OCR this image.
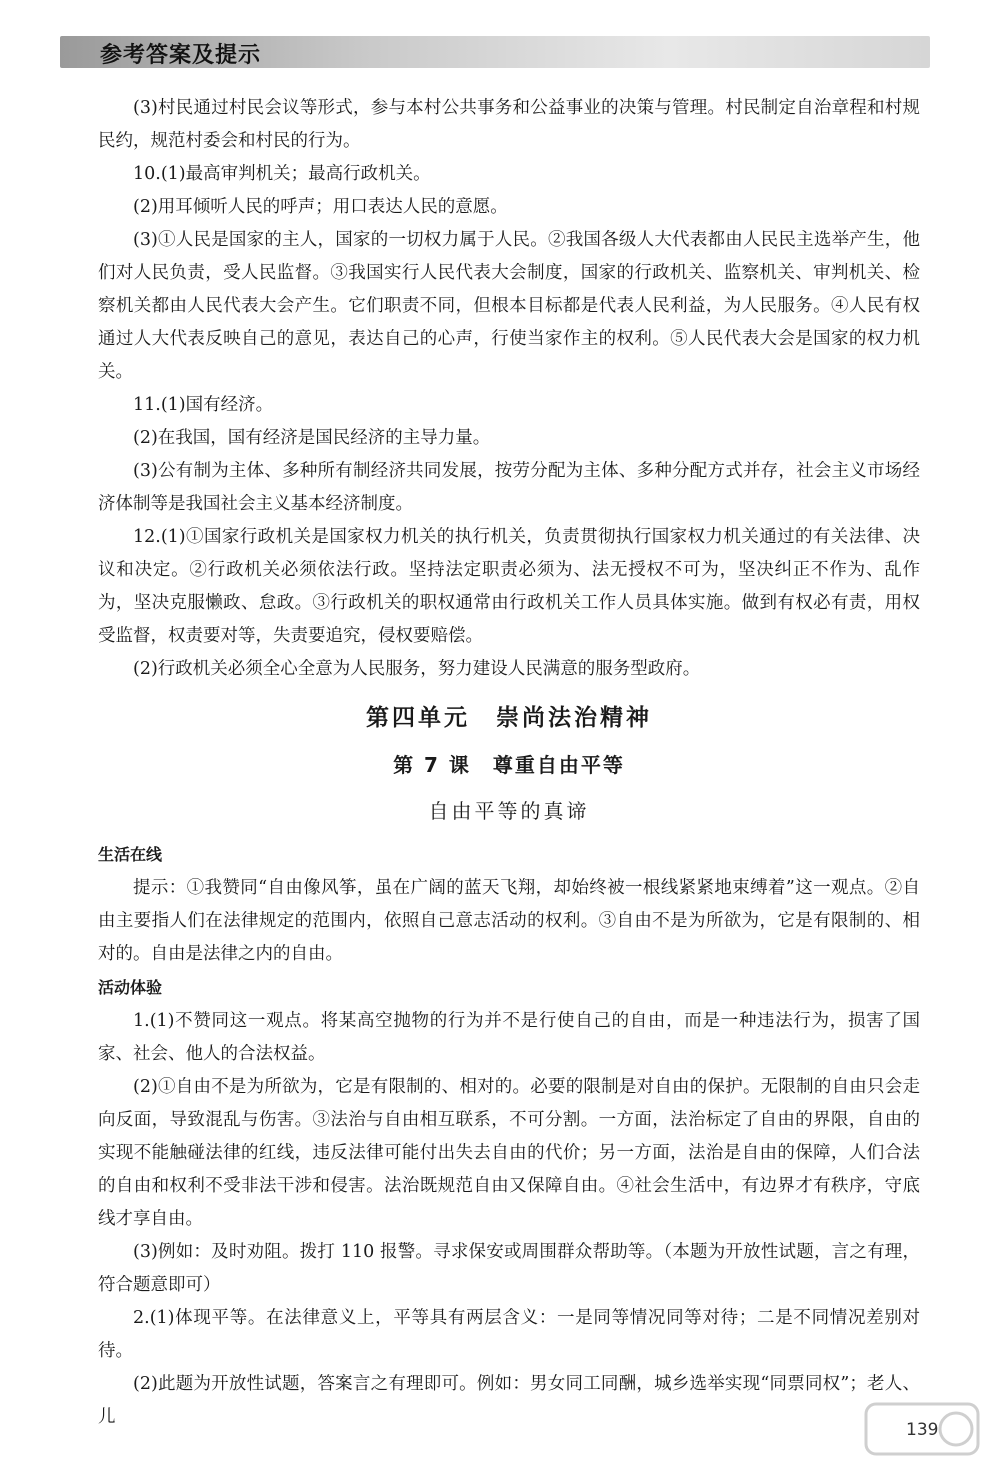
参考答案及提示

(3)村民通过村民会议等形式，参与本村公共事务和公益事业的决策与管理。村民制定自治章程和村规民约，规范村委会和村民的行为。

10.(1)最高审判机关；最高行政机关。

(2)用耳倾听人民的呼声；用口表达人民的意愿。

(3)①人民是国家的主人，国家的一切权力属于人民。②我国各级人大代表都由人民民主选举产生，他们对人民负责，受人民监督。③我国实行人民代表大会制度，国家的行政机关、监察机关、审判机关、检察机关都由人民代表大会产生。它们职责不同，但根本目标都是代表人民利益，为人民服务。④人民有权通过人大代表反映自己的意见，表达自己的心声，行使当家作主的权利。⑤人民代表大会是国家的权力机关。

11.(1)国有经济。

(2)在我国，国有经济是国民经济的主导力量。

(3)公有制为主体、多种所有制经济共同发展，按劳分配为主体、多种分配方式并存，社会主义市场经济体制等是我国社会主义基本经济制度。

12.(1)①国家行政机关是国家权力机关的执行机关，负责贯彻执行国家权力机关通过的有关法律、决议和决定。②行政机关必须依法行政。坚持法定职责必须为、法无授权不可为，坚决纠正不作为、乱作为，坚决克服懒政、怠政。③行政机关的职权通常由行政机关工作人员具体实施。做到有权必有责，用权受监督，权责要对等，失责要追究，侵权要赔偿。

(2)行政机关必须全心全意为人民服务，努力建设人民满意的服务型政府。

第四单元　崇尚法治精神
第 7 课　尊重自由平等
自由平等的真谛
生活在线

提示：①我赞同“自由像风筝，虽在广阔的蓝天飞翔，却始终被一根线紧紧地束缚着”这一观点。②自由主要指人们在法律规定的范围内，依照自己意志活动的权利。③自由不是为所欲为，它是有限制的、相对的。自由是法律之内的自由。

活动体验

1.(1)不赞同这一观点。将某高空抛物的行为并不是行使自己的自由，而是一种违法行为，损害了国家、社会、他人的合法权益。

(2)①自由不是为所欲为，它是有限制的、相对的。必要的限制是对自由的保护。无限制的自由只会走向反面，导致混乱与伤害。③法治与自由相互联系，不可分割。一方面，法治标定了自由的界限，自由的实现不能触碰法律的红线，违反法律可能付出失去自由的代价；另一方面，法治是自由的保障，人们合法的自由和权利不受非法干涉和侵害。法治既规范自由又保障自由。④社会生活中，有边界才有秩序，守底线才享自由。

(3)例如：及时劝阻。拨打 110 报警。寻求保安或周围群众帮助等。（本题为开放性试题，言之有理，符合题意即可）

2.(1)体现平等。在法律意义上，平等具有两层含义：一是同等情况同等对待；二是不同情况差别对待。

(2)此题为开放性试题，答案言之有理即可。例如：男女同工同酬，城乡选举实现“同票同权”；老人、儿

139
